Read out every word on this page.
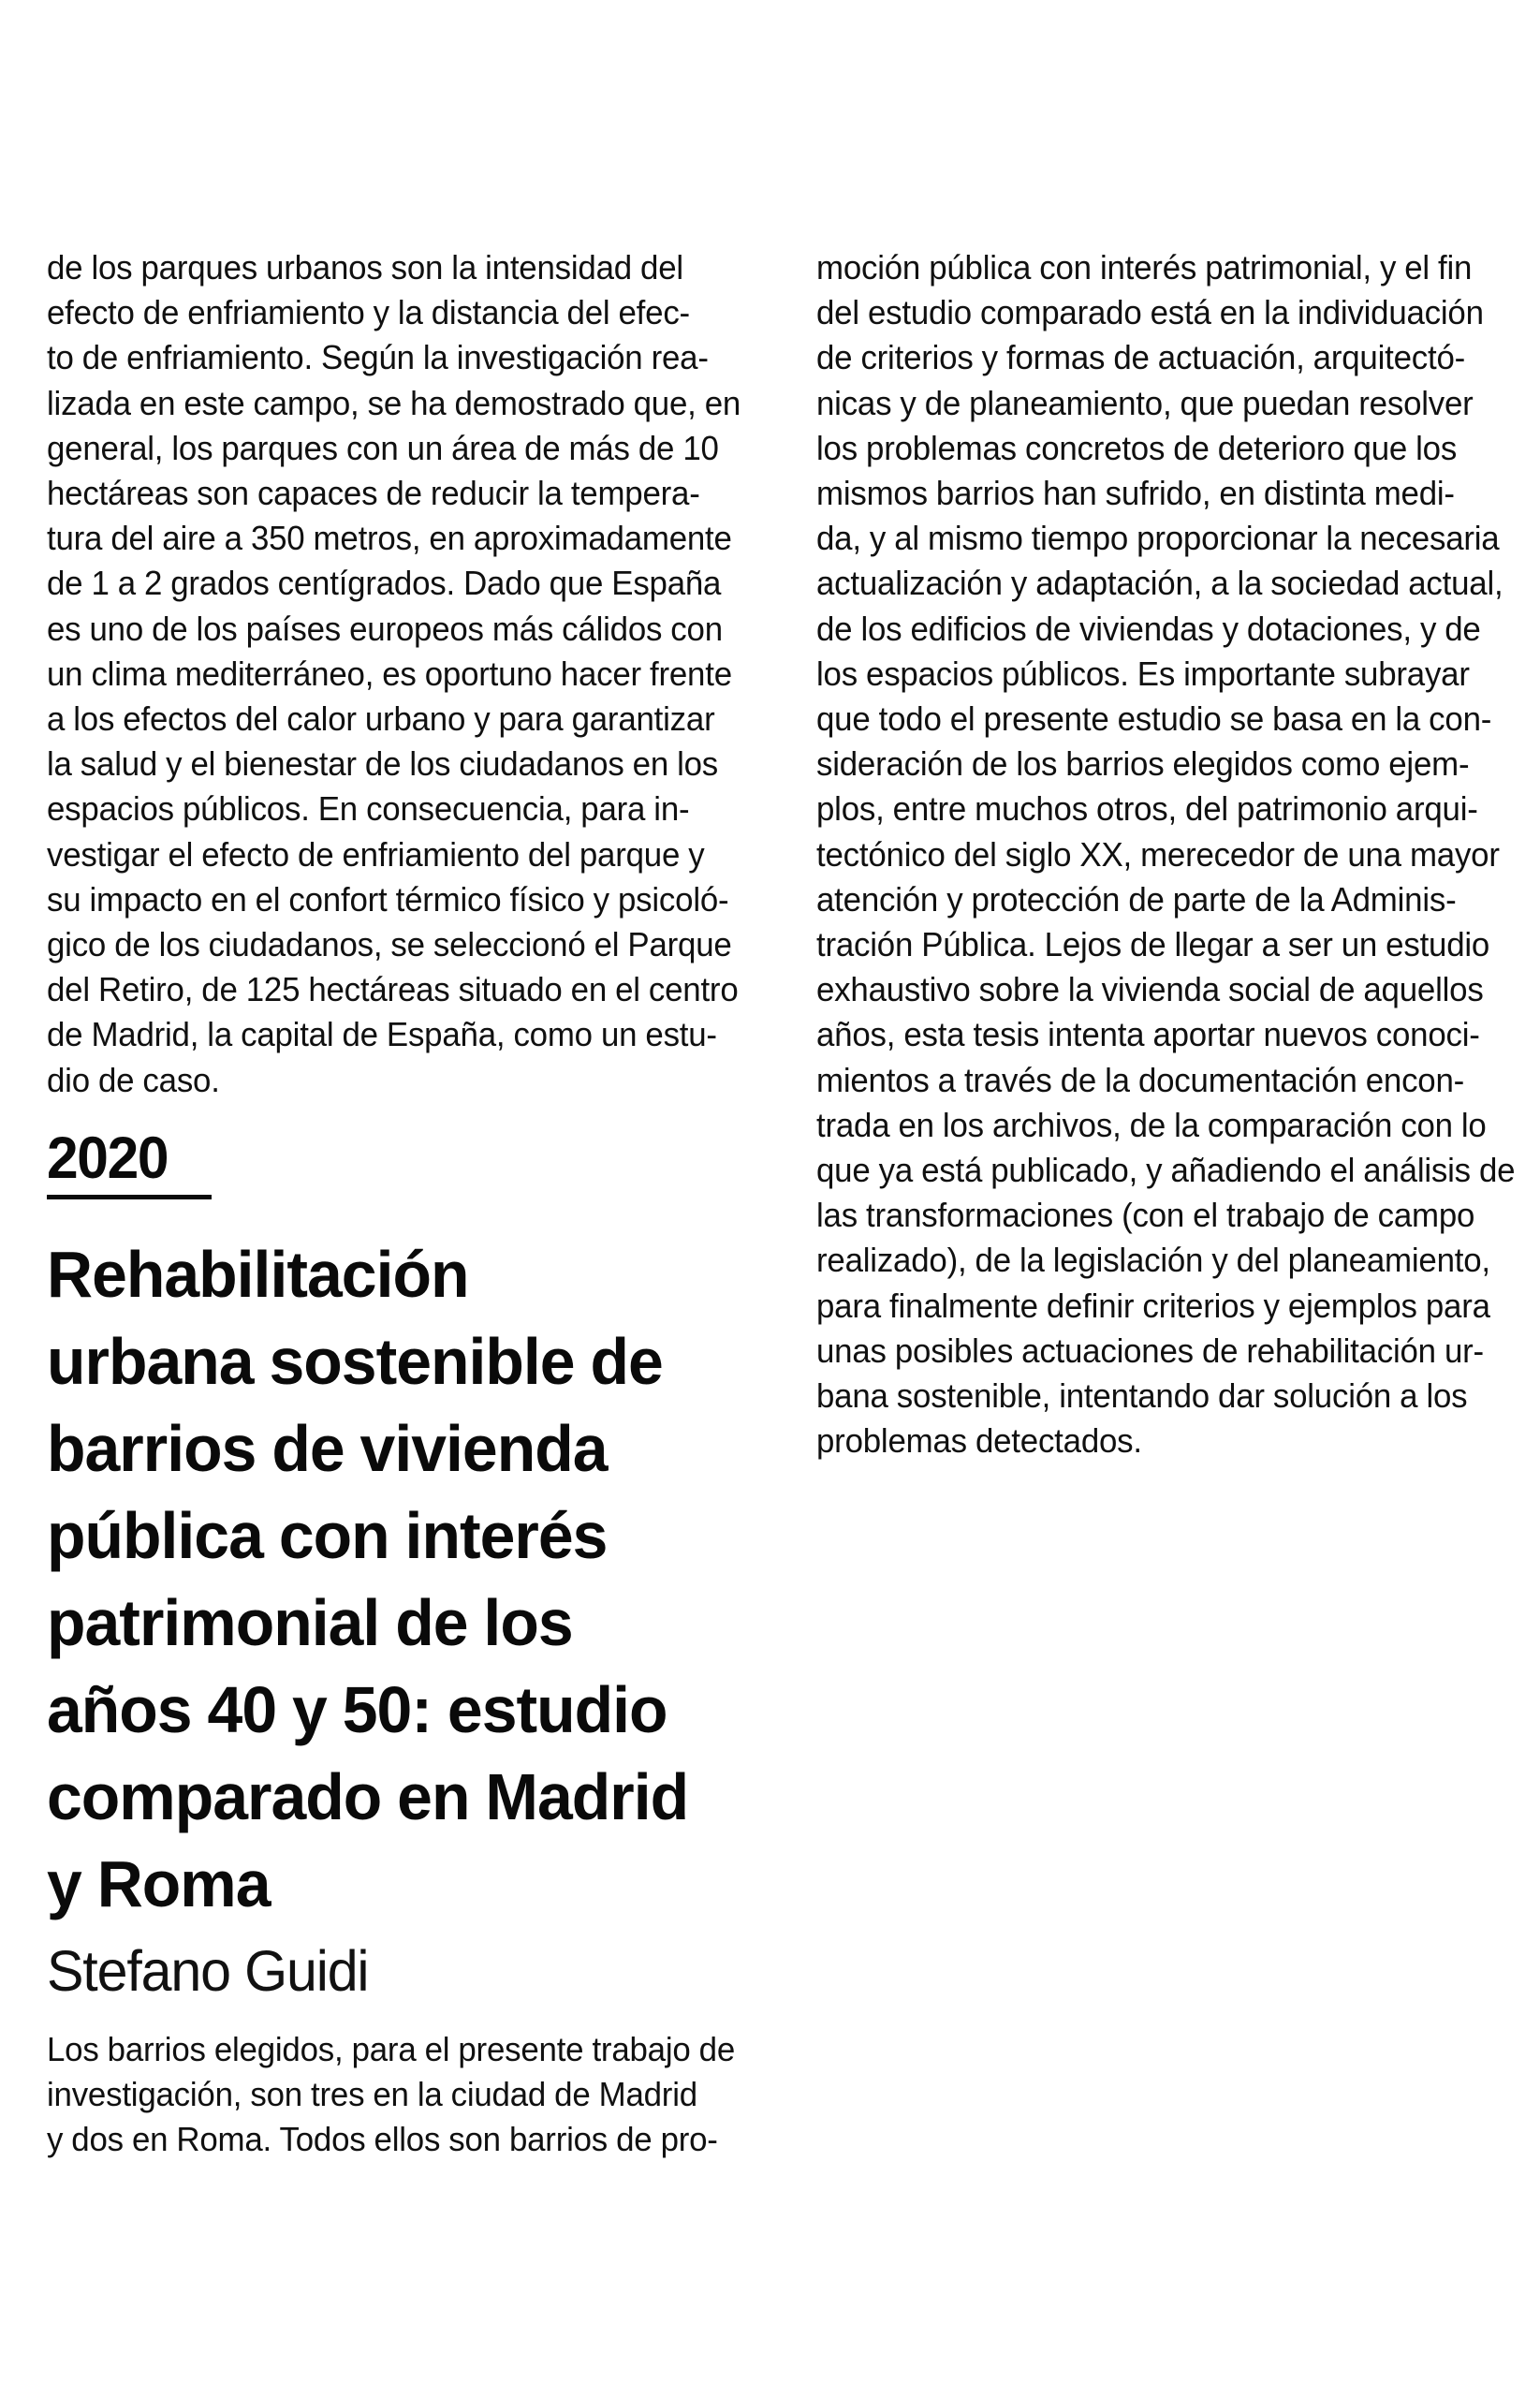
de los parques urbanos son la intensidad del
efecto de enfriamiento y la distancia del efec-
to de enfriamiento. Según la investigación rea-
lizada en este campo, se ha demostrado que, en
general, los parques con un área de más de 10
hectáreas son capaces de reducir la tempera-
tura del aire a 350 metros, en aproximadamente
de 1 a 2 grados centígrados. Dado que España
es uno de los países europeos más cálidos con
un clima mediterráneo, es oportuno hacer frente
a los efectos del calor urbano y para garantizar
la salud y el bienestar de los ciudadanos en los
espacios públicos. En consecuencia, para in-
vestigar el efecto de enfriamiento del parque y
su impacto en el confort térmico físico y psicoló-
gico de los ciudadanos, se seleccionó el Parque
del Retiro, de 125 hectáreas situado en el centro
de Madrid, la capital de España, como un estu-
dio de caso.
2020
Rehabilitación
urbana sostenible de
barrios de vivienda
pública con interés
patrimonial de los
años 40 y 50: estudio
comparado en Madrid
y Roma
Stefano Guidi
Los barrios elegidos, para el presente trabajo de
investigación, son tres en la ciudad de Madrid
y dos en Roma. Todos ellos son barrios de pro-
moción pública con interés patrimonial, y el fin
del estudio comparado está en la individuación
de criterios y formas de actuación, arquitectó-
nicas y de planeamiento, que puedan resolver
los problemas concretos de deterioro que los
mismos barrios han sufrido, en distinta medi-
da, y al mismo tiempo proporcionar la necesaria
actualización y adaptación, a la sociedad actual,
de los edificios de viviendas y dotaciones, y de
los espacios públicos. Es importante subrayar
que todo el presente estudio se basa en la con-
sideración de los barrios elegidos como ejem-
plos, entre muchos otros, del patrimonio arqui-
tectónico del siglo XX, merecedor de una mayor
atención y protección de parte de la Adminis-
tración Pública. Lejos de llegar a ser un estudio
exhaustivo sobre la vivienda social de aquellos
años, esta tesis intenta aportar nuevos conoci-
mientos a través de la documentación encon-
trada en los archivos, de la comparación con lo
que ya está publicado, y añadiendo el análisis de
las transformaciones (con el trabajo de campo
realizado), de la legislación y del planeamiento,
para finalmente definir criterios y ejemplos para
unas posibles actuaciones de rehabilitación ur-
bana sostenible, intentando dar solución a los
problemas detectados.
